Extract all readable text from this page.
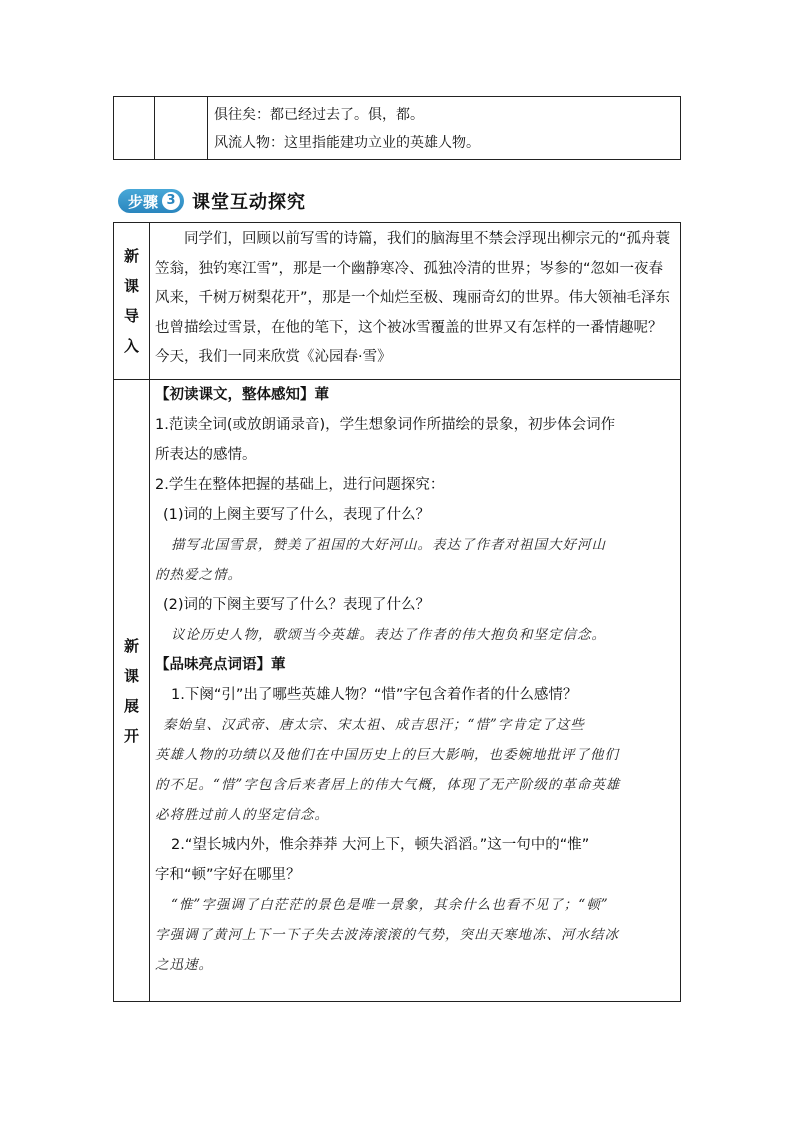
俱往矣：都已经过去了。俱，都。
风流人物：这里指能建功立业的英雄人物。
步骤 3 课堂互动探究
新
课
导
入

同学们，回顾以前写雪的诗篇，我们的脑海里不禁会浮现出柳宗元的“孤舟蓑笠翁，独钓寒江雪”，那是一个幽静寒冷、孤独冷清的世界；岑参的“忽如一夜春风来，千树万树梨花开”，那是一个灿烂至极、瑰丽奇幻的世界。伟大领袖毛泽东也曾描绘过雪景，在他的笔下，这个被冰雪覆盖的世界又有怎样的一番情趣呢？今天，我们一同来欣赏《沁园春·雪》

新
课
展
开

【初读课文，整体感知】莗

1.范读全词(或放朗诵录音)，学生想象词作所描绘的景象，初步体会词作

所表达的感情。

2.学生在整体把握的基础上，进行问题探究：

(1)词的上阕主要写了什么，表现了什么？

描写北国雪景，赞美了祖国的大好河山。表达了作者对祖国大好河山

的热爱之情。

(2)词的下阕主要写了什么？表现了什么？

议论历史人物，歌颂当今英雄。表达了作者的伟大抱负和坚定信念。

【品味亮点词语】莗

1.下阕“引”出了哪些英雄人物？“惜”字包含着作者的什么感情？

秦始皇、汉武帝、唐太宗、宋太祖、成吉思汗；“惜”字肯定了这些

英雄人物的功绩以及他们在中国历史上的巨大影响，也委婉地批评了他们

的不足。“惜”字包含后来者居上的伟大气概，体现了无产阶级的革命英雄

必将胜过前人的坚定信念。

2.“望长城内外，惟余莽莽 大河上下，顿失滔滔。”这一句中的“惟”

字和“顿”字好在哪里？

“惟”字强调了白茫茫的景色是唯一景象，其余什么也看不见了；“顿”

字强调了黄河上下一下子失去波涛滚滚的气势，突出天寒地冻、河水结冰

之迅速。
